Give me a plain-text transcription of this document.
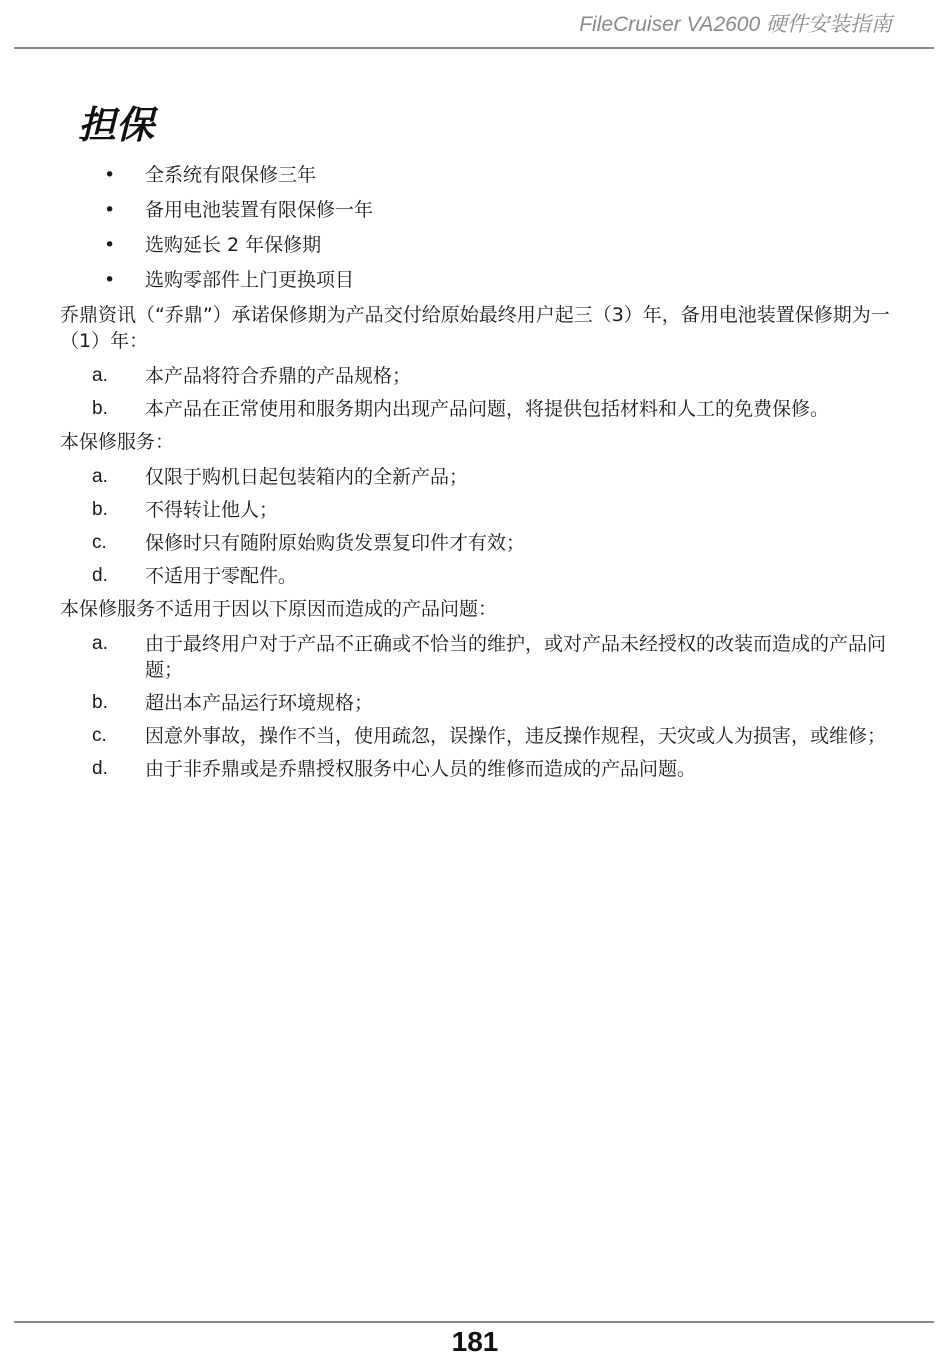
FileCruiser VA2600 硬件安装指南
担保
• 全系统有限保修三年
• 备用电池装置有限保修一年
• 选购延长 2 年保修期
• 选购零部件上门更换项目

乔鼎资讯（“乔鼎”）承诺保修期为产品交付给原始最终用户起三（3）年，备用电池装置保修期为一（1）年：

a. 本产品将符合乔鼎的产品规格；
b. 本产品在正常使用和服务期内出现产品问题，将提供包括材料和人工的免费保修。

本保修服务：

a. 仅限于购机日起包装箱内的全新产品；
b. 不得转让他人；
c. 保修时只有随附原始购货发票复印件才有效；
d. 不适用于零配件。

本保修服务不适用于因以下原因而造成的产品问题：

a. 由于最终用户对于产品不正确或不恰当的维护，或对产品未经授权的改装而造成的产品问题；
b. 超出本产品运行环境规格；
c. 因意外事故，操作不当，使用疏忽，误操作，违反操作规程，天灾或人为损害，或维修；
d. 由于非乔鼎或是乔鼎授权服务中心人员的维修而造成的产品问题。
181
